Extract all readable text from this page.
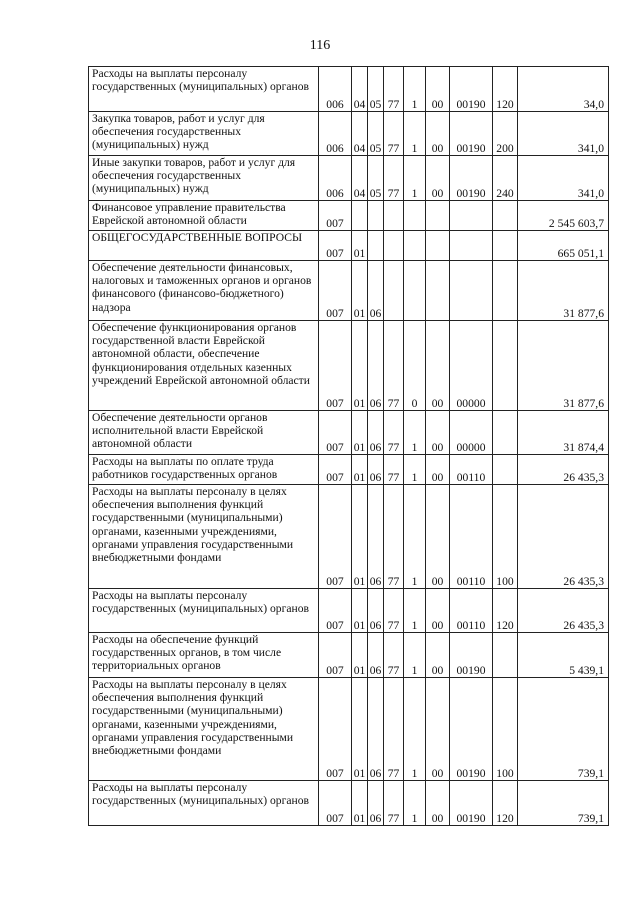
116
Расходы на выплаты персоналу государственных (муниципальных) органов	006	04	05	77	1	00	00190	120	34,0

Закупка товаров, работ и услуг для обеспечения государственных (муниципальных) нужд	006	04	05	77	1	00	00190	200	341,0

Иные закупки товаров, работ и услуг для обеспечения государственных (муниципальных) нужд	006	04	05	77	1	00	00190	240	341,0

Финансовое управление правительства Еврейской автономной области	007								2 545 603,7

ОБЩЕГОСУДАРСТВЕННЫЕ ВОПРОСЫ	007	01							665 051,1

Обеспечение деятельности финансовых, налоговых и таможенных органов и органов финансового (финансово-бюджетного) надзора	007	01	06						31 877,6

Обеспечение функционирования органов государственной власти Еврейской автономной области, обеспечение функционирования отдельных казенных учреждений Еврейской автономной области	007	01	06	77	0	00	00000		31 877,6

Обеспечение деятельности органов исполнительной власти Еврейской автономной области	007	01	06	77	1	00	00000		31 874,4

Расходы на выплаты по оплате труда работников государственных органов	007	01	06	77	1	00	00110		26 435,3

Расходы на выплаты персоналу в целях обеспечения выполнения функций государственными (муниципальными) органами, казенными учреждениями, органами управления государственными внебюджетными фондами	007	01	06	77	1	00	00110	100	26 435,3

Расходы на выплаты персоналу государственных (муниципальных) органов	007	01	06	77	1	00	00110	120	26 435,3

Расходы на обеспечение функций государственных органов, в том числе территориальных органов	007	01	06	77	1	00	00190		5 439,1

Расходы на выплаты персоналу в целях обеспечения выполнения функций государственными (муниципальными) органами, казенными учреждениями, органами управления государственными внебюджетными фондами	007	01	06	77	1	00	00190	100	739,1

Расходы на выплаты персоналу государственных (муниципальных) органов	007	01	06	77	1	00	00190	120	739,1
